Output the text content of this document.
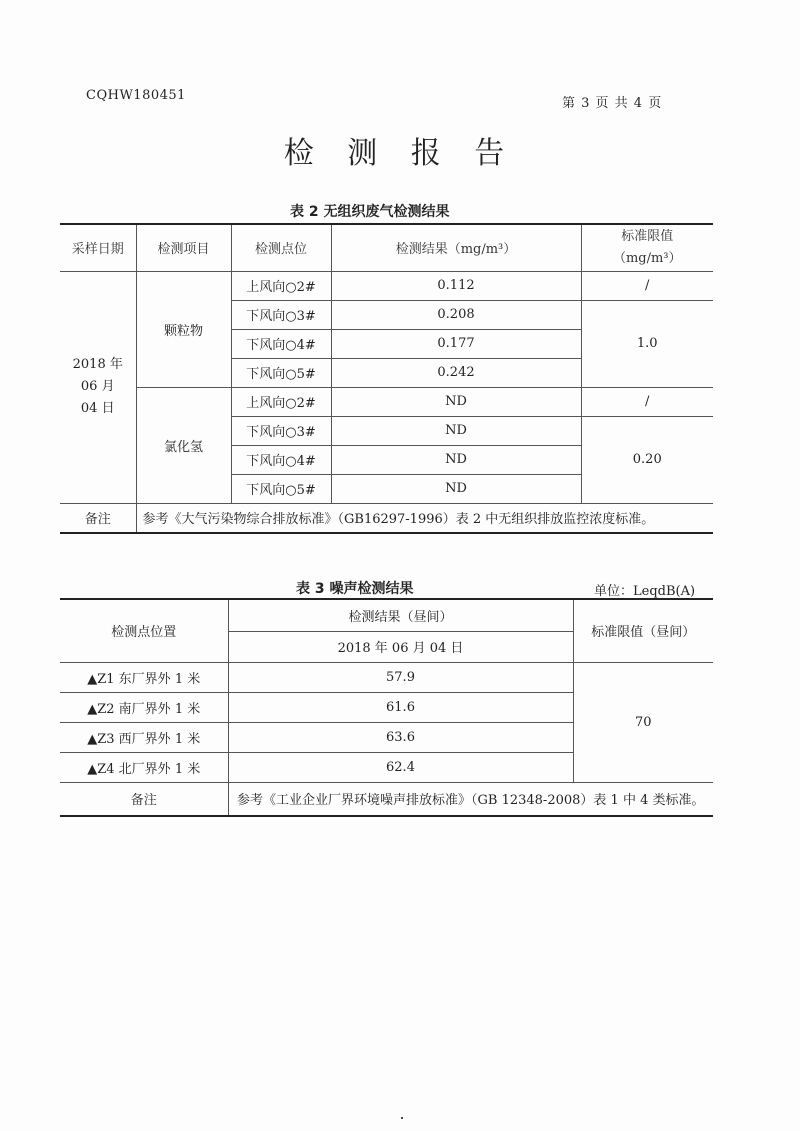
CQHW180451
第 3 页 共 4 页
检 测 报 告
表 2 无组织废气检测结果
采样日期	检测项目	检测点位	检测结果（mg/m³）	标准限值
（mg/m³）

2018 年
06 月
04 日	颗粒物	上风向○2#	0.112	/
		下风向○3#	0.208	1.0
		下风向○4#	0.177	
		下风向○5#	0.242	
	氯化氢	上风向○2#	ND	/
		下风向○3#	ND	0.20
		下风向○4#	ND	
		下风向○5#	ND	
备注	参考《大气污染物综合排放标准》（GB16297-1996）表 2 中无组织排放监控浓度标准。			
表 3 噪声检测结果	单位：LeqdB(A)
检测点位置	检测结果（昼间）	标准限值（昼间）
	2018 年 06 月 04 日	
▲Z1 东厂界外 1 米	57.9	70
▲Z2 南厂界外 1 米	61.6	
▲Z3 西厂界外 1 米	63.6	
▲Z4 北厂界外 1 米	62.4	
备注	参考《工业企业厂界环境噪声排放标准》（GB 12348-2008）表 1 中 4 类标准。	
